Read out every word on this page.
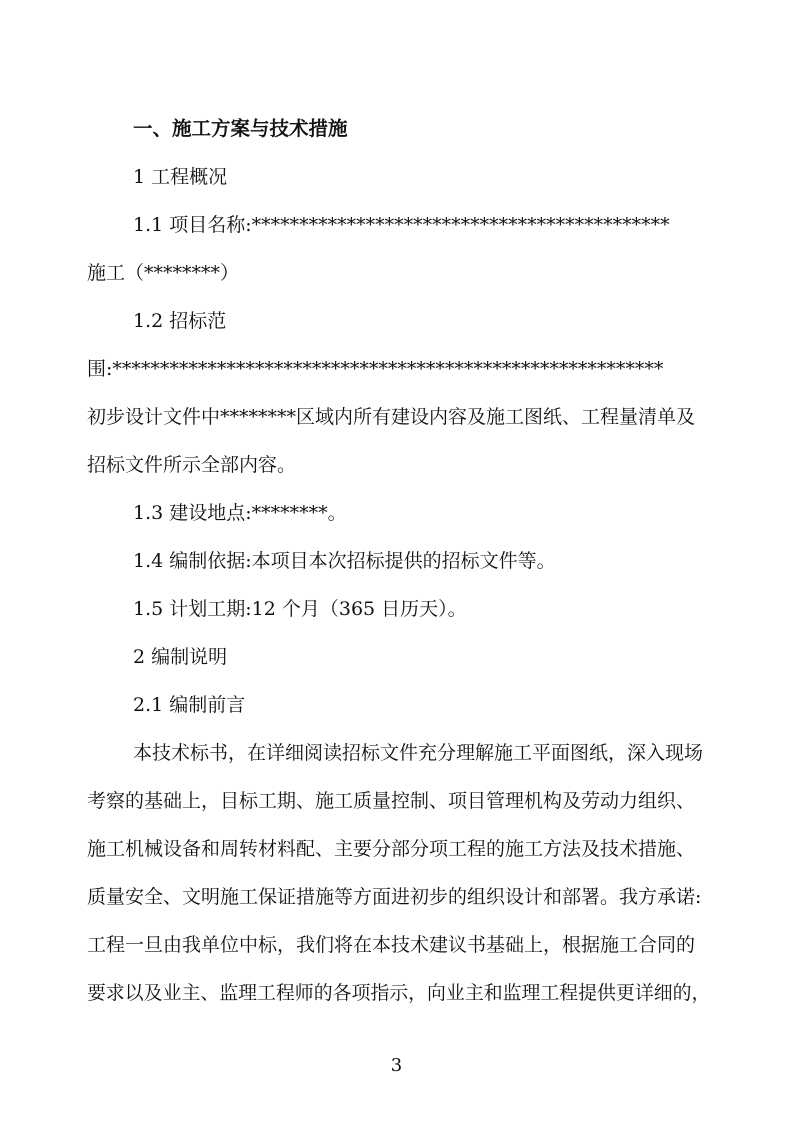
一、施工方案与技术措施
1 工程概况
1.1 项目名称:********************************************
施工（********）
1.2 招标范
围:**********************************************************
初步设计文件中********区域内所有建设内容及施工图纸、工程量清单及
招标文件所示全部内容。
1.3 建设地点:********。
1.4 编制依据:本项目本次招标提供的招标文件等。
1.5 计划工期:12 个月（365 日历天）。
2 编制说明
2.1 编制前言
本技术标书，在详细阅读招标文件充分理解施工平面图纸，深入现场
考察的基础上，目标工期、施工质量控制、项目管理机构及劳动力组织、
施工机械设备和周转材料配、主要分部分项工程的施工方法及技术措施、
质量安全、文明施工保证措施等方面进初步的组织设计和部署。我方承诺:
工程一旦由我单位中标，我们将在本技术建议书基础上，根据施工合同的
要求以及业主、监理工程师的各项指示，向业主和监理工程提供更详细的，
3
